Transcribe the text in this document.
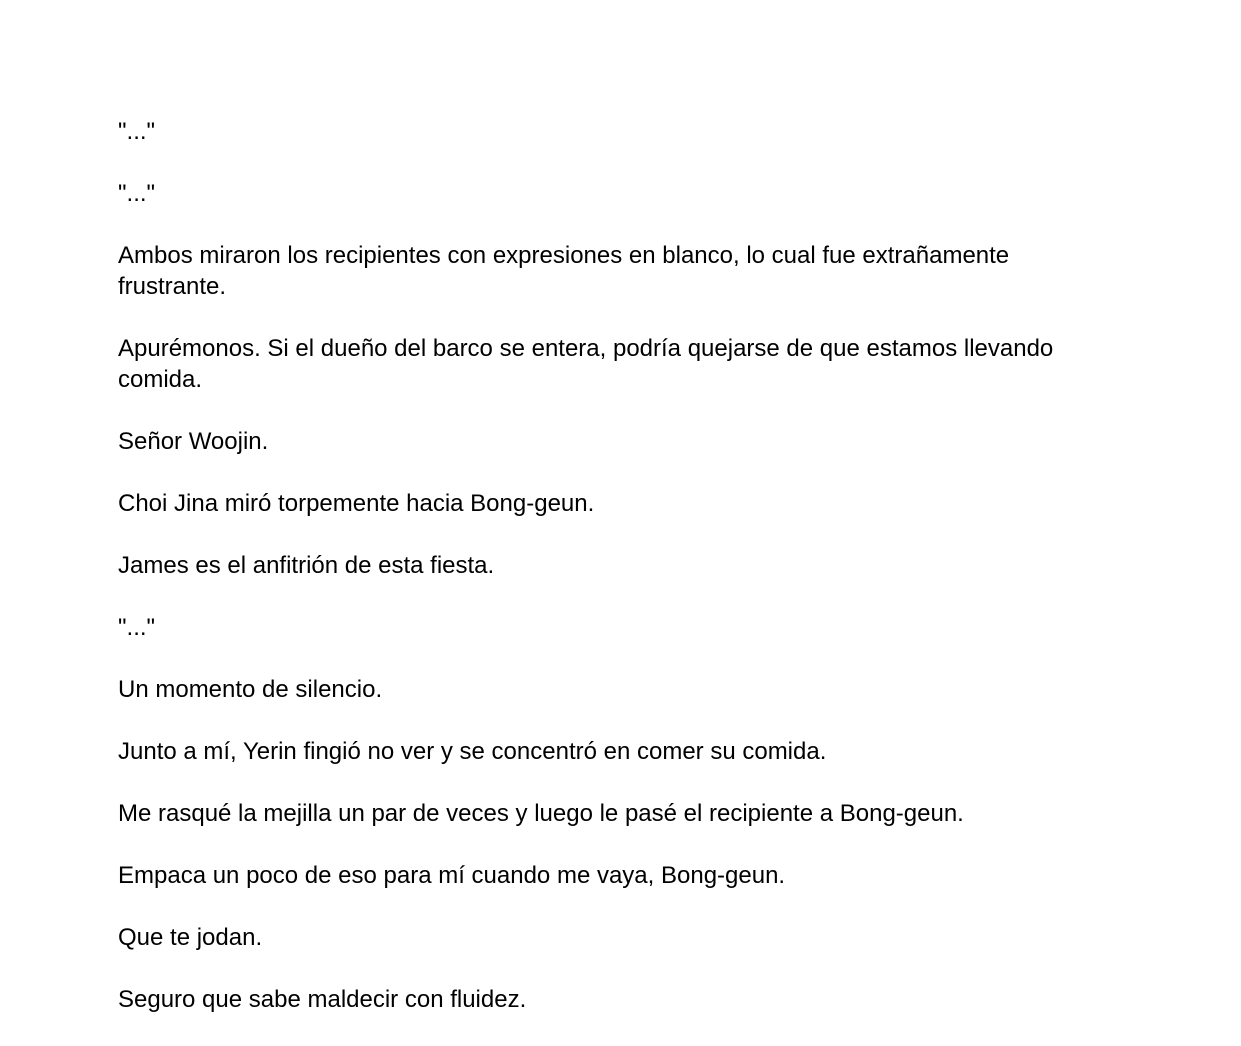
"..."

"..."

Ambos miraron los recipientes con expresiones en blanco, lo cual fue extrañamente frustrante.

Apurémonos. Si el dueño del barco se entera, podría quejarse de que estamos llevando comida.

Señor Woojin.

Choi Jina miró torpemente hacia Bong-geun.

James es el anfitrión de esta fiesta.

"..."

Un momento de silencio.

Junto a mí, Yerin fingió no ver y se concentró en comer su comida.

Me rasqué la mejilla un par de veces y luego le pasé el recipiente a Bong-geun.

Empaca un poco de eso para mí cuando me vaya, Bong-geun.

Que te jodan.

Seguro que sabe maldecir con fluidez.
